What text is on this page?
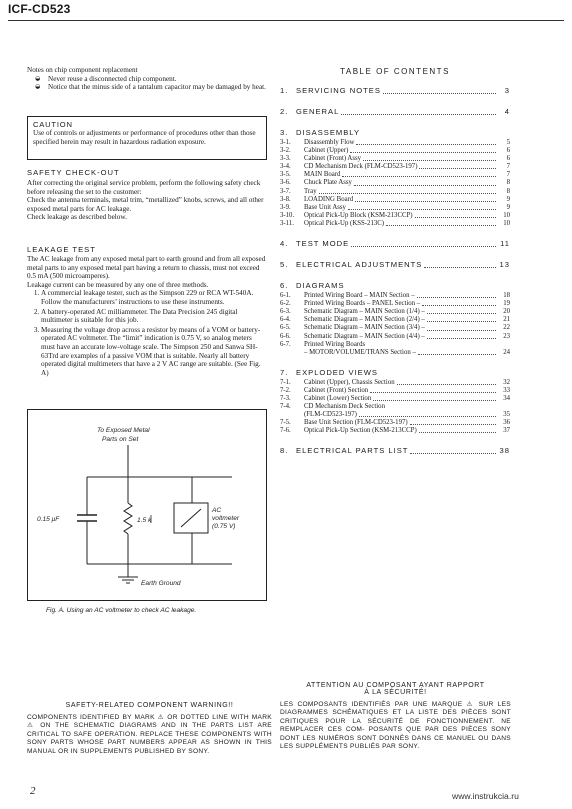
ICF-CD523
Notes on chip component replacement
◒	Never reuse a disconnected chip component.
◒	Notice that the minus side of a tantalum capacitor may be damaged by heat.
CAUTION
Use of controls or adjustments or performance of procedures other than those specified herein may result in hazardous radiation exposure.
SAFETY CHECK-OUT
After correcting the original service problem, perform the following safety check before releasing the set to the customer:
Check the antenna terminals, metal trim, “metallized” knobs, screws, and all other exposed metal parts for AC leakage.
Check leakage as described below.
LEAKAGE TEST
The AC leakage from any exposed metal part to earth ground and from all exposed metal parts to any exposed metal part having a return to chassis, must not exceed 0.5 mA (500 microamperes).
Leakage current can be measured by any one of three methods.
1. A commercial leakage tester, such as the Simpson 229 or RCA WT-540A. Follow the manufacturers’ instructions to use these instruments.
2. A battery-operated AC milliammeter. The Data Precision 245 digital multimeter is suitable for this job.
3. Measuring the voltage drop across a resistor by means of a VOM or battery-operated AC voltmeter. The “limit” indication is 0.75 V, so analog meters must have an accurate low-voltage scale. The Simpson 250 and Sanwa SH-63Trd are examples of a passive VOM that is suitable. Nearly all battery operated digital multimeters that have a 2 V AC range are suitable. (See Fig. A)
To Exposed Metal
Parts on Set
0.15 μF	1.5 k
AC
voltmeter
(0.75 V)
Earth Ground
Fig. A. Using an AC voltmeter to check AC leakage.
TABLE OF CONTENTS
1.	SERVICING NOTES	3
2.	GENERAL	4
3.	DISASSEMBLY
3-1.	Disassembly Flow	5
3-2.	Cabinet (Upper)	6
3-3.	Cabinet (Front) Assy	6
3-4.	CD Mechanism Deck (FLM-CD523-197)	7
3-5.	MAIN Board	7
3-6.	Chuck Plate Assy	8
3-7.	Tray	8
3-8.	LOADING Board	9
3-9.	Base Unit Assy	9
3-10.	Optical Pick-Up Block (KSM-213CCP)	10
3-11.	Optical Pick-Up (KSS-213C)	10
4.	TEST MODE	11
5.	ELECTRICAL ADJUSTMENTS	13
6.	DIAGRAMS
6-1.	Printed Wiring Board – MAIN Section –	18
6-2.	Printed Wiring Boards – PANEL Section –	19
6-3.	Schematic Diagram – MAIN Section (1/4) –	20
6-4.	Schematic Diagram – MAIN Section (2/4) –	21
6-5.	Schematic Diagram – MAIN Section (3/4) –	22
6-6.	Schematic Diagram – MAIN Section (4/4) –	23
6-7.	Printed Wiring Boards
– MOTOR/VOLUME/TRANS Section –	24
7.	EXPLODED VIEWS
7-1.	Cabinet (Upper), Chassis Section	32
7-2.	Cabinet (Front) Section	33
7-3.	Cabinet (Lower) Section	34
7-4.	CD Mechanism Deck Section
(FLM-CD523-197)	35
7-5.	Base Unit Section (FLM-CD523-197)	36
7-6.	Optical Pick-Up Section (KSM-213CCP)	37
8.	ELECTRICAL PARTS LIST	38
SAFETY-RELATED COMPONENT WARNING!!
COMPONENTS IDENTIFIED BY MARK ⚠ OR DOTTED LINE WITH MARK ⚠ ON THE SCHEMATIC DIAGRAMS AND IN THE PARTS LIST ARE CRITICAL TO SAFE OPERATION. REPLACE THESE COMPONENTS WITH SONY PARTS WHOSE PART NUMBERS APPEAR AS SHOWN IN THIS MANUAL OR IN SUPPLEMENTS PUBLISHED BY SONY.
ATTENTION AU COMPOSANT AYANT RAPPORT
À LA SÉCURITÉ!
LES COMPOSANTS IDENTIFIÉS PAR UNE MARQUE ⚠ SUR LES DIAGRAMMES SCHÉMATIQUES ET LA LISTE DES PIÈCES SONT CRITIQUES POUR LA SÉCURITÉ DE FONCTIONNEMENT. NE REMPLACER CES COM- POSANTS QUE PAR DES PIÈCES SONY DONT LES NUMÉROS SONT DONNÉS DANS CE MANUEL OU DANS LES SUPPLÉMENTS PUBLIÉS PAR SONY.
2	www.instrukcia.ru
